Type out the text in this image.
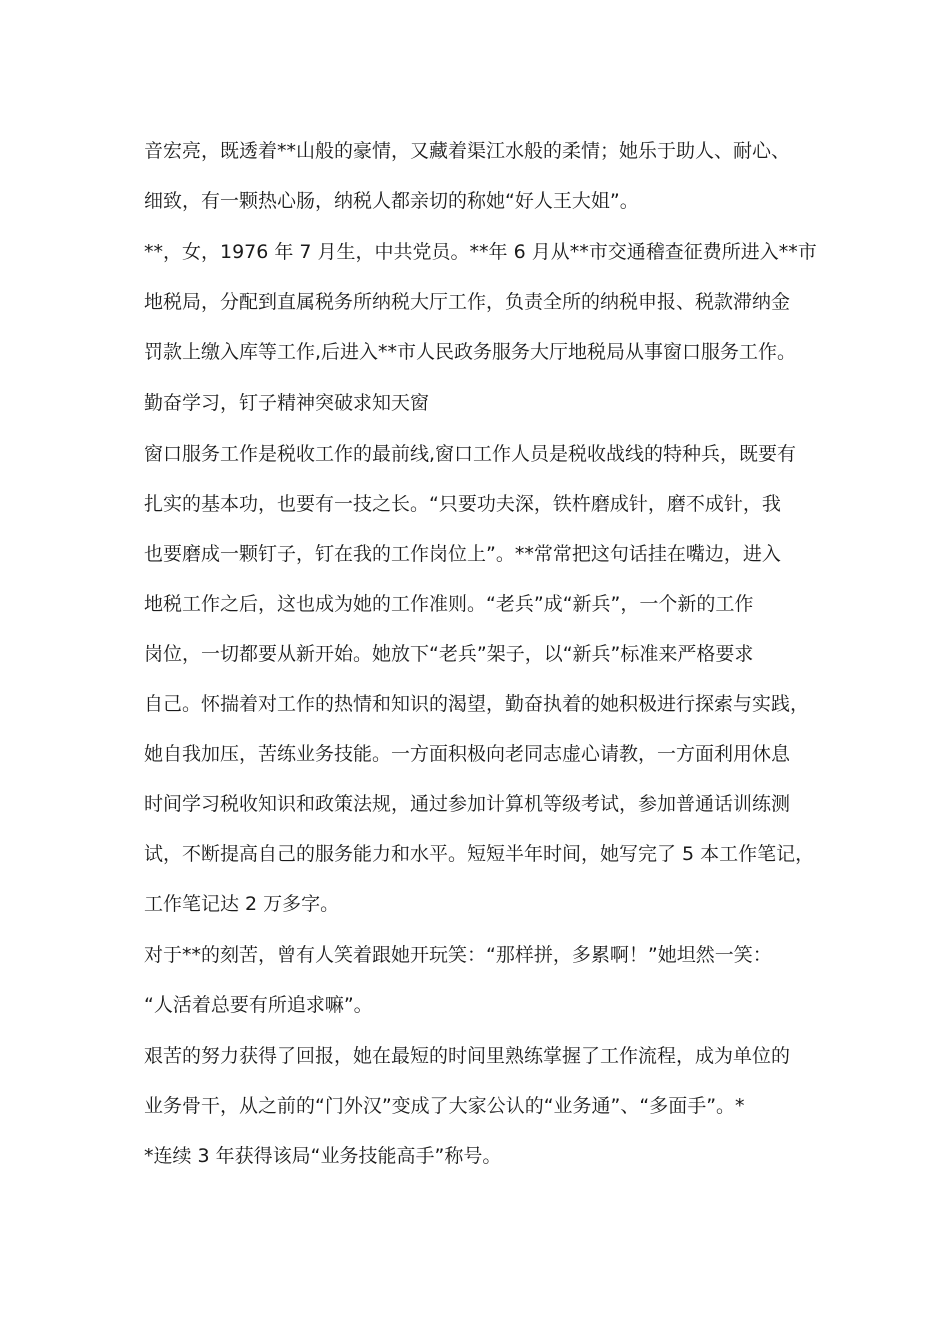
音宏亮，既透着**山般的豪情，又藏着渠江水般的柔情；她乐于助人、耐心、
细致，有一颗热心肠，纳税人都亲切的称她“好人王大姐”。
**，女，1976 年 7 月生，中共党员。**年 6 月从**市交通稽查征费所进入**市
地税局，分配到直属税务所纳税大厅工作，负责全所的纳税申报、税款滞纳金
罚款上缴入库等工作,后进入**市人民政务服务大厅地税局从事窗口服务工作。
勤奋学习，钉子精神突破求知天窗
窗口服务工作是税收工作的最前线,窗口工作人员是税收战线的特种兵，既要有
扎实的基本功，也要有一技之长。“只要功夫深，铁杵磨成针，磨不成针，我
也要磨成一颗钉子，钉在我的工作岗位上”。**常常把这句话挂在嘴边，进入
地税工作之后，这也成为她的工作准则。“老兵”成“新兵”，一个新的工作
岗位，一切都要从新开始。她放下“老兵”架子，以“新兵”标准来严格要求
自己。怀揣着对工作的热情和知识的渴望，勤奋执着的她积极进行探索与实践，
她自我加压，苦练业务技能。一方面积极向老同志虚心请教，一方面利用休息
时间学习税收知识和政策法规，通过参加计算机等级考试，参加普通话训练测
试，不断提高自己的服务能力和水平。短短半年时间，她写完了 5 本工作笔记，
工作笔记达 2 万多字。
对于**的刻苦，曾有人笑着跟她开玩笑：“那样拼，多累啊！”她坦然一笑：
“人活着总要有所追求嘛”。
艰苦的努力获得了回报，她在最短的时间里熟练掌握了工作流程，成为单位的
业务骨干，从之前的“门外汉”变成了大家公认的“业务通”、“多面手”。*
*连续 3 年获得该局“业务技能高手”称号。
